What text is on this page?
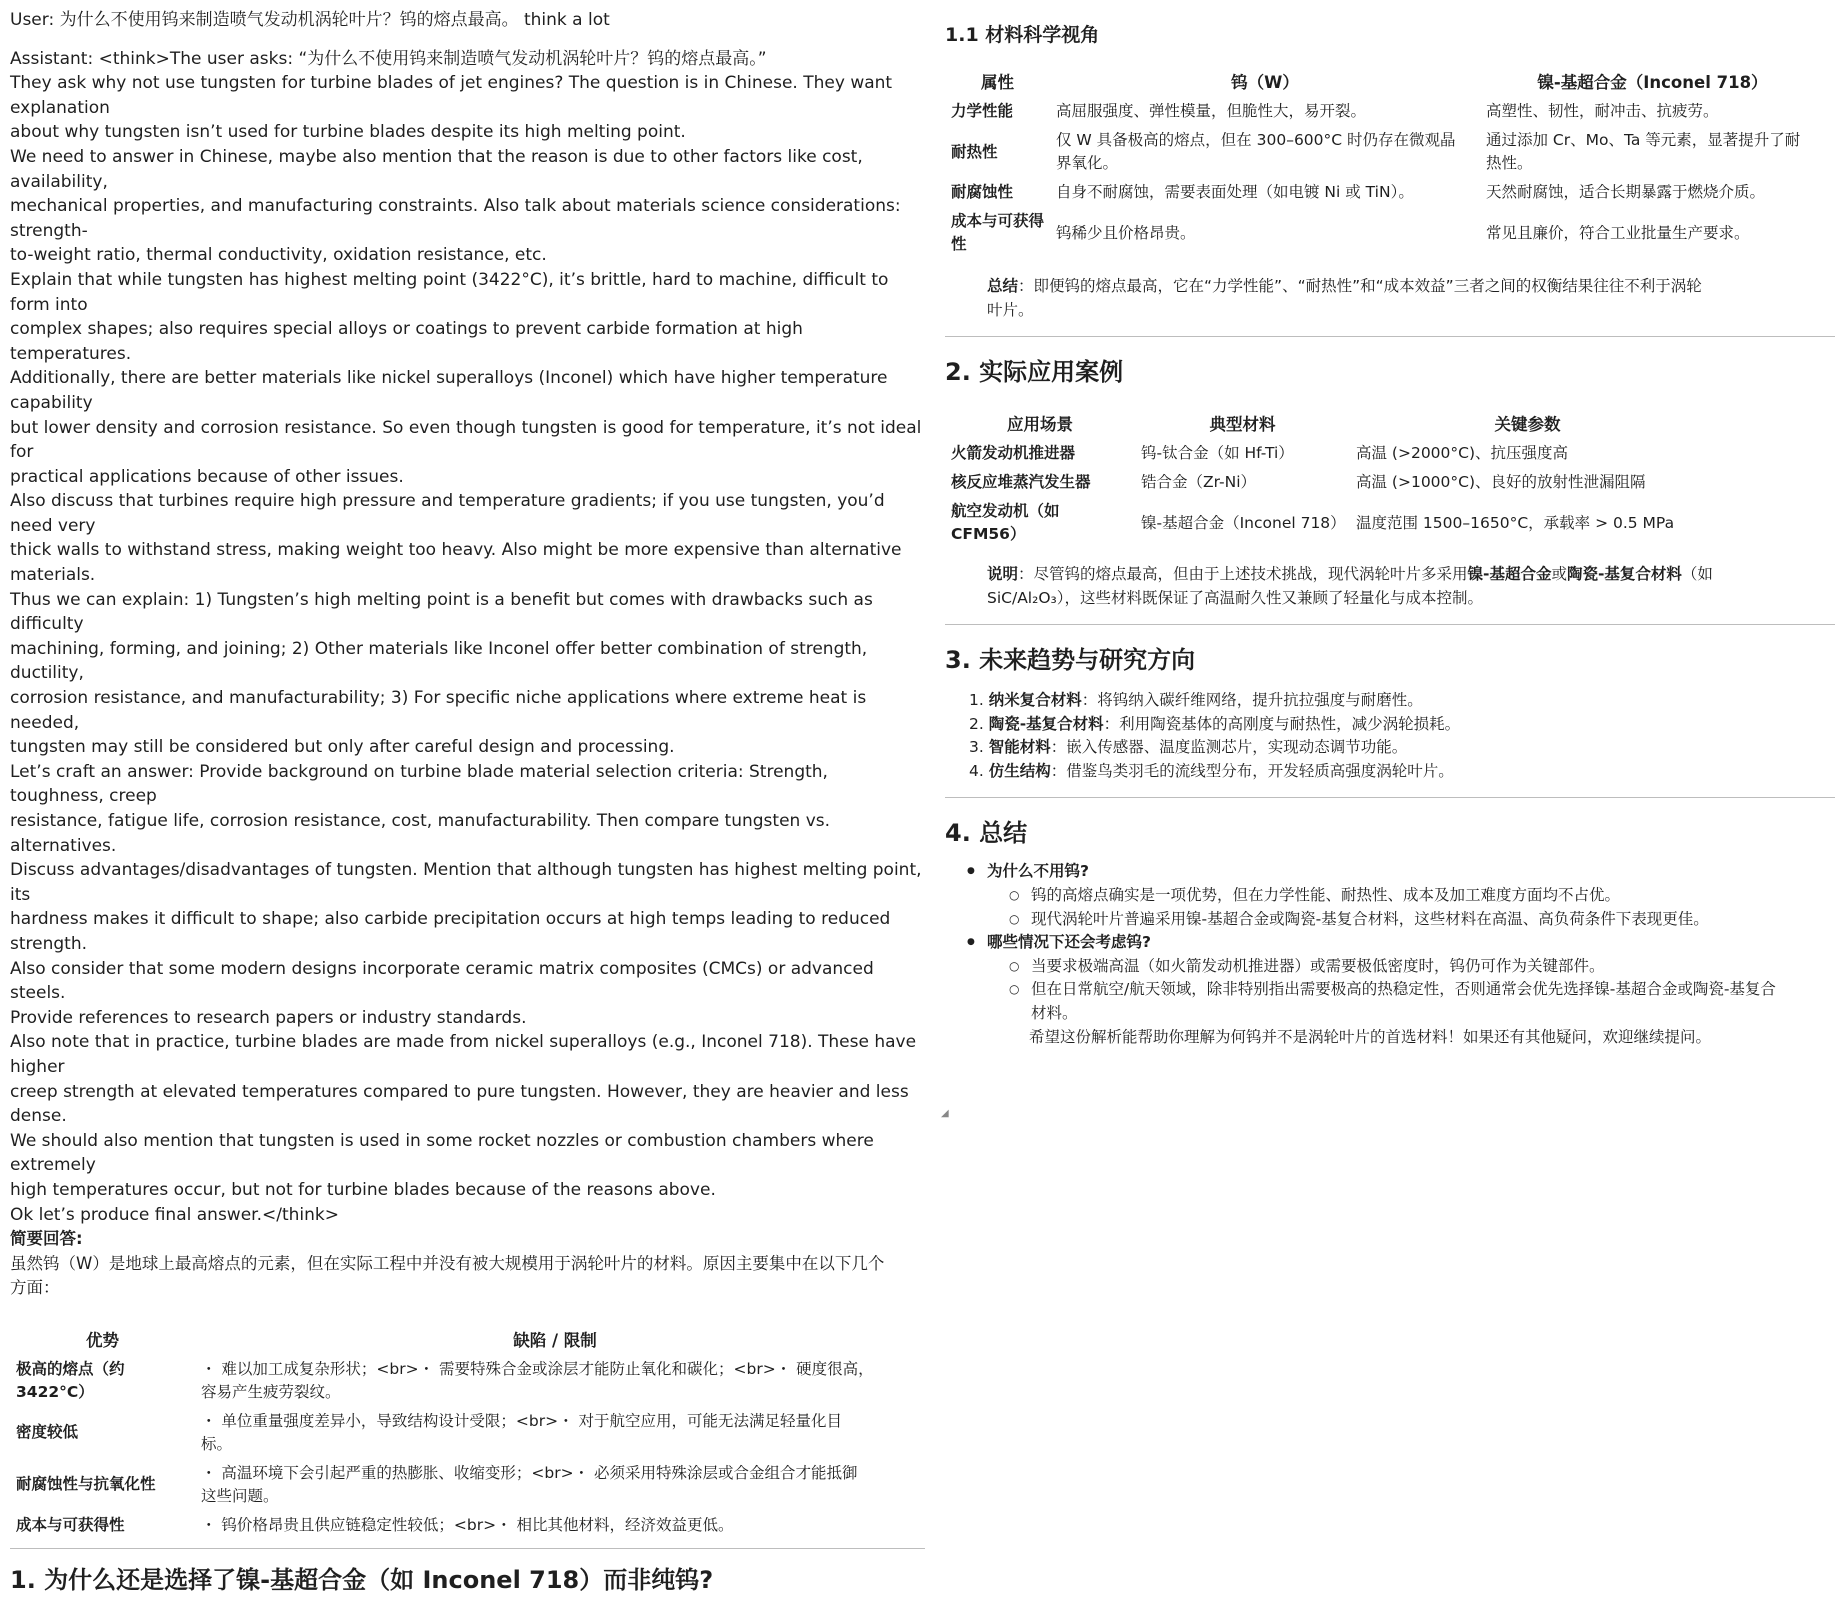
User: 为什么不使用钨来制造喷气发动机涡轮叶片？钨的熔点最高。 think a lot
Assistant: <think>The user asks: “为什么不使用钨来制造喷气发动机涡轮叶片？钨的熔点最高。”
They ask why not use tungsten for turbine blades of jet engines? The question is in Chinese. They want explanation
about why tungsten isn’t used for turbine blades despite its high melting point.
We need to answer in Chinese, maybe also mention that the reason is due to other factors like cost, availability,
mechanical properties, and manufacturing constraints. Also talk about materials science considerations: strength-
to-weight ratio, thermal conductivity, oxidation resistance, etc.
Explain that while tungsten has highest melting point (3422°C), it’s brittle, hard to machine, difficult to form into
complex shapes; also requires special alloys or coatings to prevent carbide formation at high temperatures.
Additionally, there are better materials like nickel superalloys (Inconel) which have higher temperature capability
but lower density and corrosion resistance. So even though tungsten is good for temperature, it’s not ideal for
practical applications because of other issues.
Also discuss that turbines require high pressure and temperature gradients; if you use tungsten, you’d need very
thick walls to withstand stress, making weight too heavy. Also might be more expensive than alternative materials.
Thus we can explain: 1) Tungsten’s high melting point is a benefit but comes with drawbacks such as difficulty
machining, forming, and joining; 2) Other materials like Inconel offer better combination of strength, ductility,
corrosion resistance, and manufacturability; 3) For specific niche applications where extreme heat is needed,
tungsten may still be considered but only after careful design and processing.
Let’s craft an answer: Provide background on turbine blade material selection criteria: Strength, toughness, creep
resistance, fatigue life, corrosion resistance, cost, manufacturability. Then compare tungsten vs. alternatives.
Discuss advantages/disadvantages of tungsten. Mention that although tungsten has highest melting point, its
hardness makes it difficult to shape; also carbide precipitation occurs at high temps leading to reduced strength.
Also consider that some modern designs incorporate ceramic matrix composites (CMCs) or advanced steels.
Provide references to research papers or industry standards.
Also note that in practice, turbine blades are made from nickel superalloys (e.g., Inconel 718). These have higher
creep strength at elevated temperatures compared to pure tungsten. However, they are heavier and less dense.
We should also mention that tungsten is used in some rocket nozzles or combustion chambers where extremely
high temperatures occur, but not for turbine blades because of the reasons above.
Ok let’s produce final answer.</think>
简要回答:
虽然钨（W）是地球上最高熔点的元素，但在实际工程中并没有被大规模用于涡轮叶片的材料。原因主要集中在以下几个
方面：
优势	缺陷 / 限制
极高的熔点（约
3422°C）	・ 难以加工成复杂形状；<br>・ 需要特殊合金或涂层才能防止氧化和碳化；<br>・ 硬度很高，
容易产生疲劳裂纹。
密度较低	・ 单位重量强度差异小，导致结构设计受限；<br>・ 对于航空应用，可能无法满足轻量化目
标。
耐腐蚀性与抗氧化性	・ 高温环境下会引起严重的热膨胀、收缩变形；<br>・ 必须采用特殊涂层或合金组合才能抵御
这些问题。
成本与可获得性	・ 钨价格昂贵且供应链稳定性较低；<br>・ 相比其他材料，经济效益更低。
1. 为什么还是选择了镍-基超合金（如 Inconel 718）而非纯钨?
1.1 材料科学视角
属性	钨（W）	镍-基超合金（Inconel 718）
力学性能	高屈服强度、弹性模量，但脆性大，易开裂。	高塑性、韧性，耐冲击、抗疲劳。
耐热性	仅 W 具备极高的熔点，但在 300–600°C 时仍存在微观晶
界氧化。	通过添加 Cr、Mo、Ta 等元素，显著提升了耐
热性。
耐腐蚀性	自身不耐腐蚀，需要表面处理（如电镀 Ni 或 TiN）。	天然耐腐蚀，适合长期暴露于燃烧介质。
成本与可获得
性	钨稀少且价格昂贵。	常见且廉价，符合工业批量生产要求。
总结：即便钨的熔点最高，它在“力学性能”、“耐热性”和“成本效益”三者之间的权衡结果往往不利于涡轮
叶片。
2. 实际应用案例
应用场景	典型材料	关键参数
火箭发动机推进器	钨-钛合金（如 Hf-Ti）	高温 (>2000°C)、抗压强度高
核反应堆蒸汽发生器	锆合金（Zr-Ni）	高温 (>1000°C)、良好的放射性泄漏阻隔
航空发动机（如 CFM56）	镍-基超合金（Inconel 718）	温度范围 1500–1650°C，承载率 > 0.5 MPa
说明：尽管钨的熔点最高，但由于上述技术挑战，现代涡轮叶片多采用镍-基超合金或陶瓷-基复合材料（如
SiC/Al₂O₃），这些材料既保证了高温耐久性又兼顾了轻量化与成本控制。
3. 未来趋势与研究方向
1. 纳米复合材料：将钨纳入碳纤维网络，提升抗拉强度与耐磨性。
2. 陶瓷-基复合材料：利用陶瓷基体的高刚度与耐热性，减少涡轮损耗。
3. 智能材料：嵌入传感器、温度监测芯片，实现动态调节功能。
4. 仿生结构：借鉴鸟类羽毛的流线型分布，开发轻质高强度涡轮叶片。
4. 总结
● 为什么不用钨?
○ 钨的高熔点确实是一项优势，但在力学性能、耐热性、成本及加工难度方面均不占优。
○ 现代涡轮叶片普遍采用镍-基超合金或陶瓷-基复合材料，这些材料在高温、高负荷条件下表现更佳。
● 哪些情况下还会考虑钨?
○ 当要求极端高温（如火箭发动机推进器）或需要极低密度时，钨仍可作为关键部件。
○ 但在日常航空/航天领域，除非特别指出需要极高的热稳定性，否则通常会优先选择镍-基超合金或陶瓷-基复合
材料。
希望这份解析能帮助你理解为何钨并不是涡轮叶片的首选材料！如果还有其他疑问，欢迎继续提问。
◢
